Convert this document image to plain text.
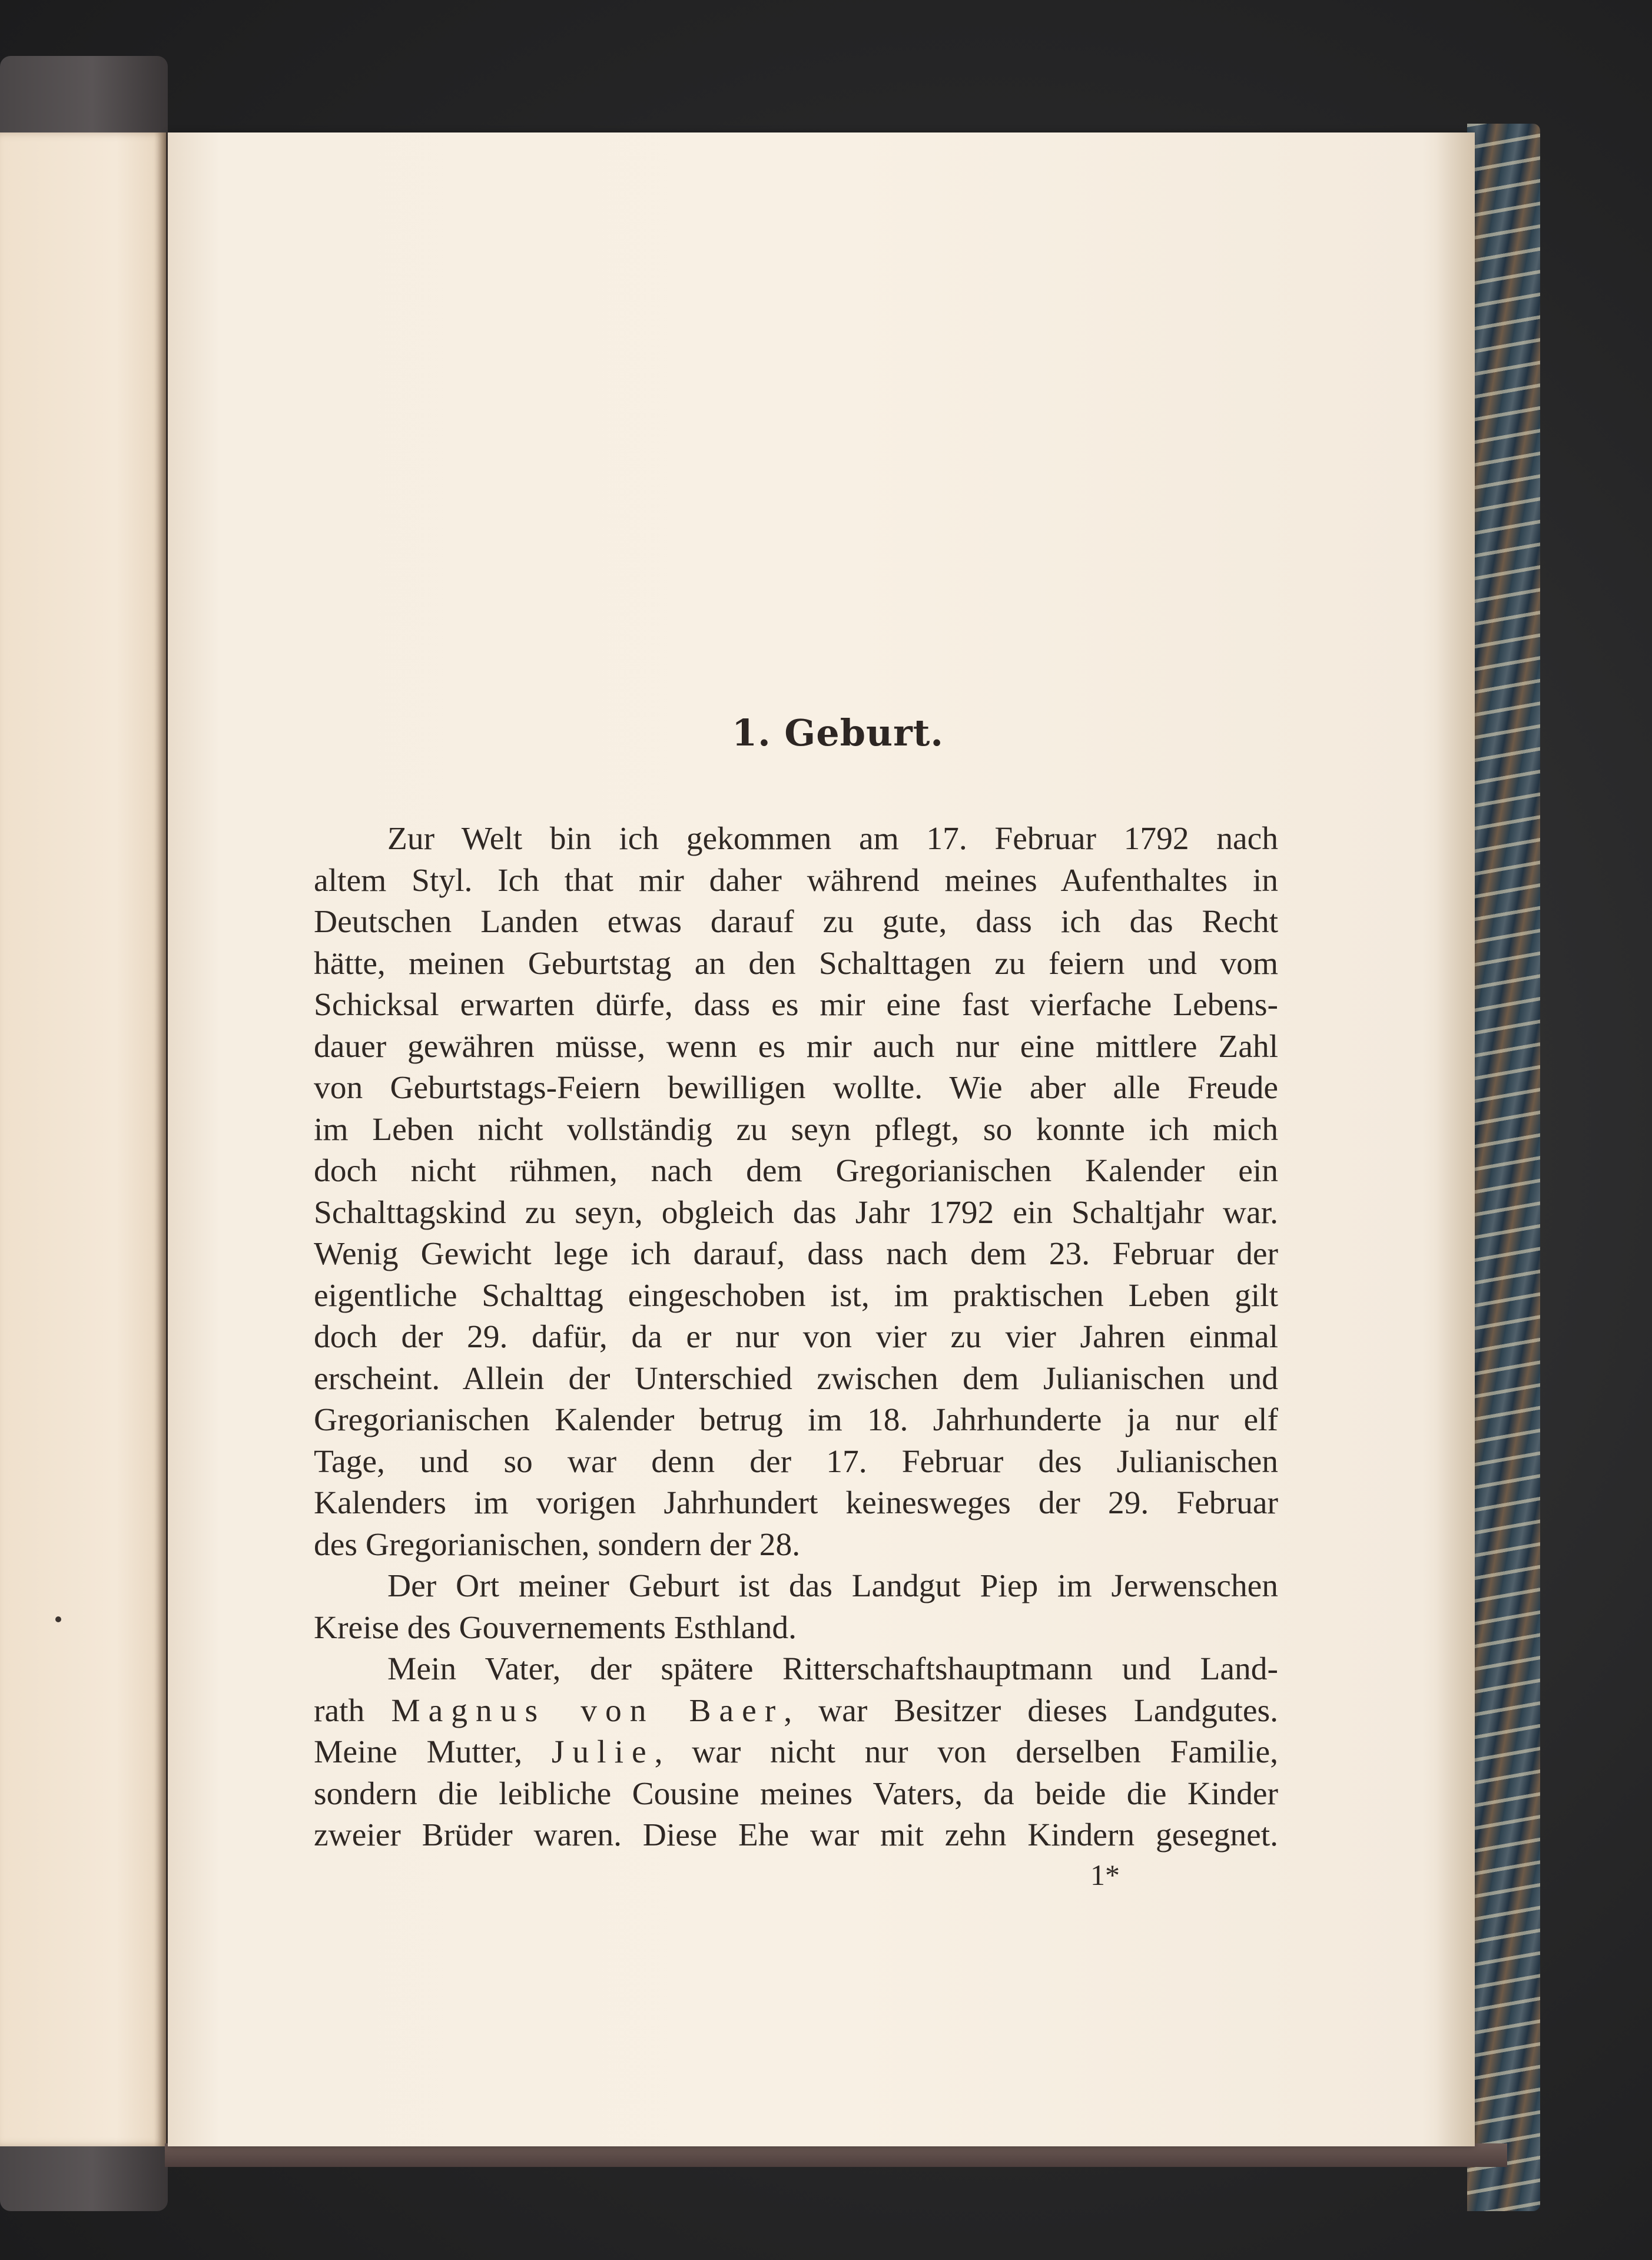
1. Geburt.

Zur Welt bin ich gekommen am 17. Februar 1792 nach
altem Styl. Ich that mir daher während meines Aufenthaltes in
Deutschen Landen etwas darauf zu gute, dass ich das Recht
hätte, meinen Geburtstag an den Schalttagen zu feiern und vom
Schicksal erwarten dürfe, dass es mir eine fast vierfache Lebens-
dauer gewähren müsse, wenn es mir auch nur eine mittlere Zahl
von Geburtstags-Feiern bewilligen wollte. Wie aber alle Freude
im Leben nicht vollständig zu seyn pflegt, so konnte ich mich
doch nicht rühmen, nach dem Gregorianischen Kalender ein
Schalttagskind zu seyn, obgleich das Jahr 1792 ein Schaltjahr war.
Wenig Gewicht lege ich darauf, dass nach dem 23. Februar der
eigentliche Schalttag eingeschoben ist, im praktischen Leben gilt
doch der 29. dafür, da er nur von vier zu vier Jahren einmal
erscheint. Allein der Unterschied zwischen dem Julianischen und
Gregorianischen Kalender betrug im 18. Jahrhunderte ja nur elf
Tage, und so war denn der 17. Februar des Julianischen
Kalenders im vorigen Jahrhundert keinesweges der 29. Februar
des Gregorianischen, sondern der 28.

Der Ort meiner Geburt ist das Landgut Piep im Jerwenschen
Kreise des Gouvernements Esthland.

Mein Vater, der spätere Ritterschaftshauptmann und Land-
rath Magnus von Baer, war Besitzer dieses Landgutes.
Meine Mutter, Julie, war nicht nur von derselben Familie,
sondern die leibliche Cousine meines Vaters, da beide die Kinder
zweier Brüder waren. Diese Ehe war mit zehn Kindern gesegnet.

1*
